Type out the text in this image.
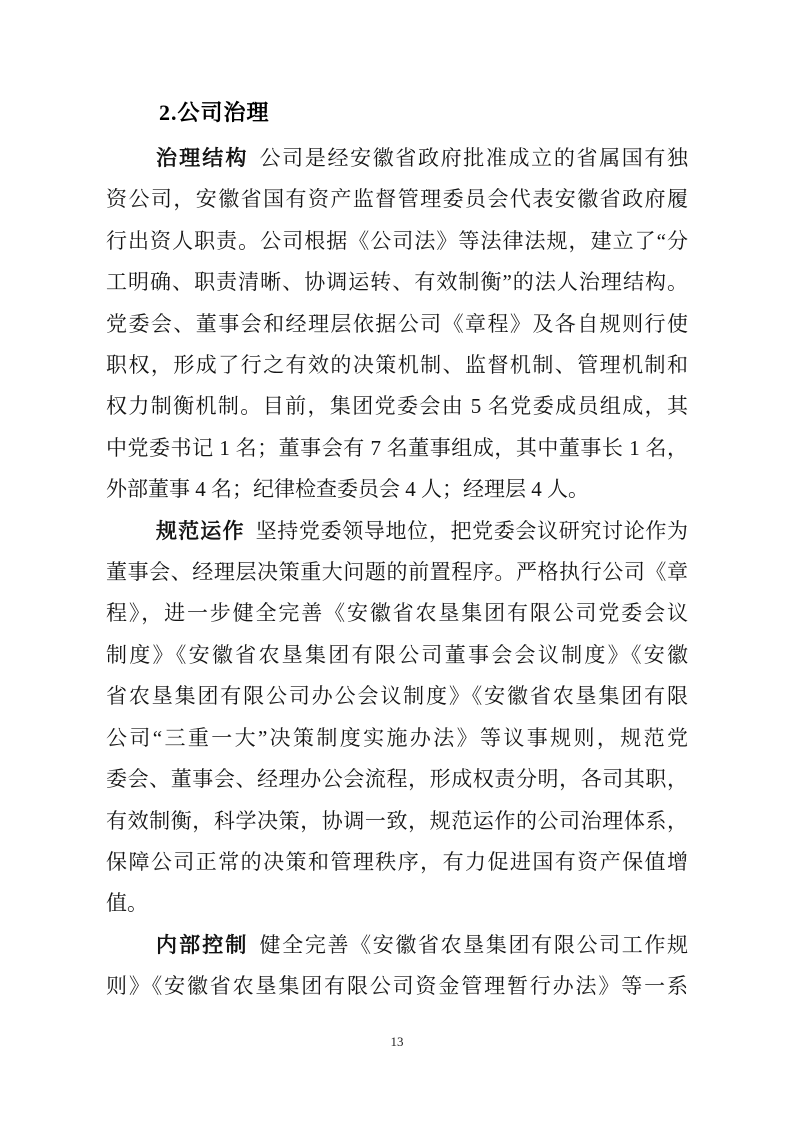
2.公司治理
治理结构 公司是经安徽省政府批准成立的省属国有独
资公司，安徽省国有资产监督管理委员会代表安徽省政府履
行出资人职责。公司根据《公司法》等法律法规，建立了“分
工明确、职责清晰、协调运转、有效制衡”的法人治理结构。
党委会、董事会和经理层依据公司《章程》及各自规则行使
职权，形成了行之有效的决策机制、监督机制、管理机制和
权力制衡机制。目前，集团党委会由 5 名党委成员组成，其
中党委书记 1 名；董事会有 7 名董事组成，其中董事长 1 名，
外部董事 4 名；纪律检查委员会 4 人；经理层 4 人。
规范运作 坚持党委领导地位，把党委会议研究讨论作为
董事会、经理层决策重大问题的前置程序。严格执行公司《章
程》，进一步健全完善《安徽省农垦集团有限公司党委会议
制度》《安徽省农垦集团有限公司董事会会议制度》《安徽
省农垦集团有限公司办公会议制度》《安徽省农垦集团有限
公司“三重一大”决策制度实施办法》等议事规则，规范党
委会、董事会、经理办公会流程，形成权责分明，各司其职，
有效制衡，科学决策，协调一致，规范运作的公司治理体系，
保障公司正常的决策和管理秩序，有力促进国有资产保值增
值。
内部控制 健全完善《安徽省农垦集团有限公司工作规
则》《安徽省农垦集团有限公司资金管理暂行办法》等一系
13
